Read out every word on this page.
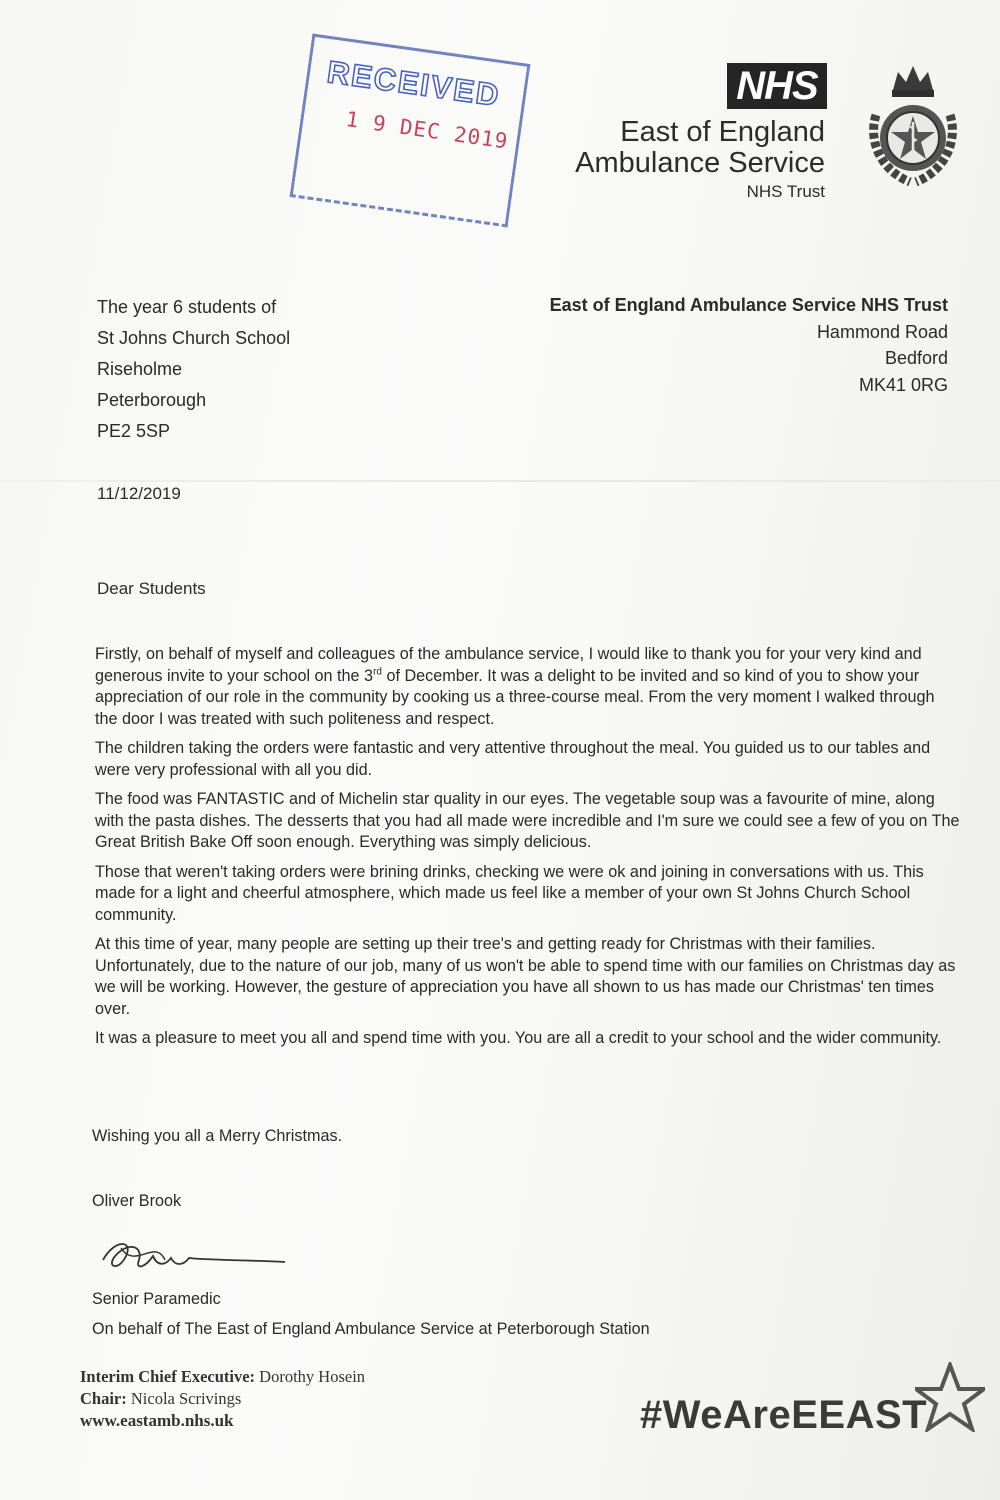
RECEIVED
1 9 DEC 2019
NHS
East of England
Ambulance Service
NHS Trust
The year 6 students of
St Johns Church School
Riseholme
Peterborough
PE2 5SP
East of England Ambulance Service NHS Trust
Hammond Road
Bedford
MK41 0RG
11/12/2019
Dear Students

Firstly, on behalf of myself and colleagues of the ambulance service, I would like to thank you for your very kind and generous invite to your school on the 3rd of December. It was a delight to be invited and so kind of you to show your appreciation of our role in the community by cooking us a three-course meal. From the very moment I walked through the door I was treated with such politeness and respect.

The children taking the orders were fantastic and very attentive throughout the meal. You guided us to our tables and were very professional with all you did.

The food was FANTASTIC and of Michelin star quality in our eyes. The vegetable soup was a favourite of mine, along with the pasta dishes. The desserts that you had all made were incredible and I'm sure we could see a few of you on The Great British Bake Off soon enough. Everything was simply delicious.

Those that weren't taking orders were brining drinks, checking we were ok and joining in conversations with us. This made for a light and cheerful atmosphere, which made us feel like a member of your own St Johns Church School community.

At this time of year, many people are setting up their tree's and getting ready for Christmas with their families. Unfortunately, due to the nature of our job, many of us won't be able to spend time with our families on Christmas day as we will be working. However, the gesture of appreciation you have all shown to us has made our Christmas' ten times over.

It was a pleasure to meet you all and spend time with you. You are all a credit to your school and the wider community.

Wishing you all a Merry Christmas.
Oliver Brook
Senior Paramedic
On behalf of The East of England Ambulance Service at Peterborough Station
Interim Chief Executive: Dorothy Hosein
Chair: Nicola Scrivings
www.eastamb.nhs.uk	#WeAreEEAST
